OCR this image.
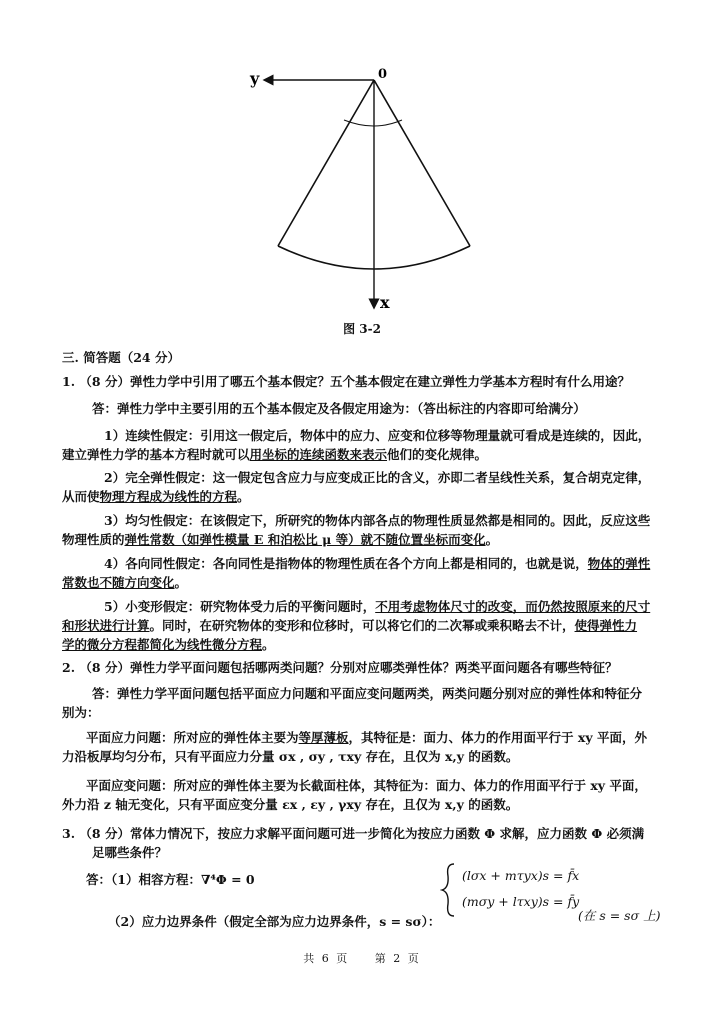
y	0
x
图 3-2
三. 简答题（24 分）
1. （8 分）弹性力学中引用了哪五个基本假定？五个基本假定在建立弹性力学基本方程时有什么用途？
答：弹性力学中主要引用的五个基本假定及各假定用途为：（答出标注的内容即可给满分）
1）连续性假定：引用这一假定后，物体中的应力、应变和位移等物理量就可看成是连续的，因此，
建立弹性力学的基本方程时就可以用坐标的连续函数来表示他们的变化规律。
2）完全弹性假定：这一假定包含应力与应变成正比的含义，亦即二者呈线性关系，复合胡克定律，
从而使物理方程成为线性的方程。
3）均匀性假定：在该假定下，所研究的物体内部各点的物理性质显然都是相同的。因此，反应这些
物理性质的弹性常数（如弹性模量 E 和泊松比 μ 等）就不随位置坐标而变化。
4）各向同性假定：各向同性是指物体的物理性质在各个方向上都是相同的，也就是说，物体的弹性
常数也不随方向变化。
5）小变形假定：研究物体受力后的平衡问题时，不用考虑物体尺寸的改变，而仍然按照原来的尺寸
和形状进行计算。同时，在研究物体的变形和位移时，可以将它们的二次幂或乘积略去不计，使得弹性力
学的微分方程都简化为线性微分方程。
2. （8 分）弹性力学平面问题包括哪两类问题？分别对应哪类弹性体？两类平面问题各有哪些特征？
答：弹性力学平面问题包括平面应力问题和平面应变问题两类，两类问题分别对应的弹性体和特征分
别为：
平面应力问题：所对应的弹性体主要为等厚薄板，其特征是：面力、体力的作用面平行于 xy 平面，外
力沿板厚均匀分布，只有平面应力分量 σx , σy , τxy 存在，且仅为 x,y 的函数。
平面应变问题：所对应的弹性体主要为长截面柱体，其特征为：面力、体力的作用面平行于 xy 平面，
外力沿 z 轴无变化，只有平面应变分量 εx , εy , γxy 存在，且仅为 x,y 的函数。
3. （8 分）常体力情况下，按应力求解平面问题可进一步简化为按应力函数 Φ 求解，应力函数 Φ 必须满
足哪些条件？
答：（1）相容方程：∇⁴Φ = 0
（2）应力边界条件（假定全部为应力边界条件，s = sσ）：
(lσx + mτyx)s = f̄x
(mσy + lτxy)s = f̄y
(在 s = sσ 上)
共 6 页 第 2 页
